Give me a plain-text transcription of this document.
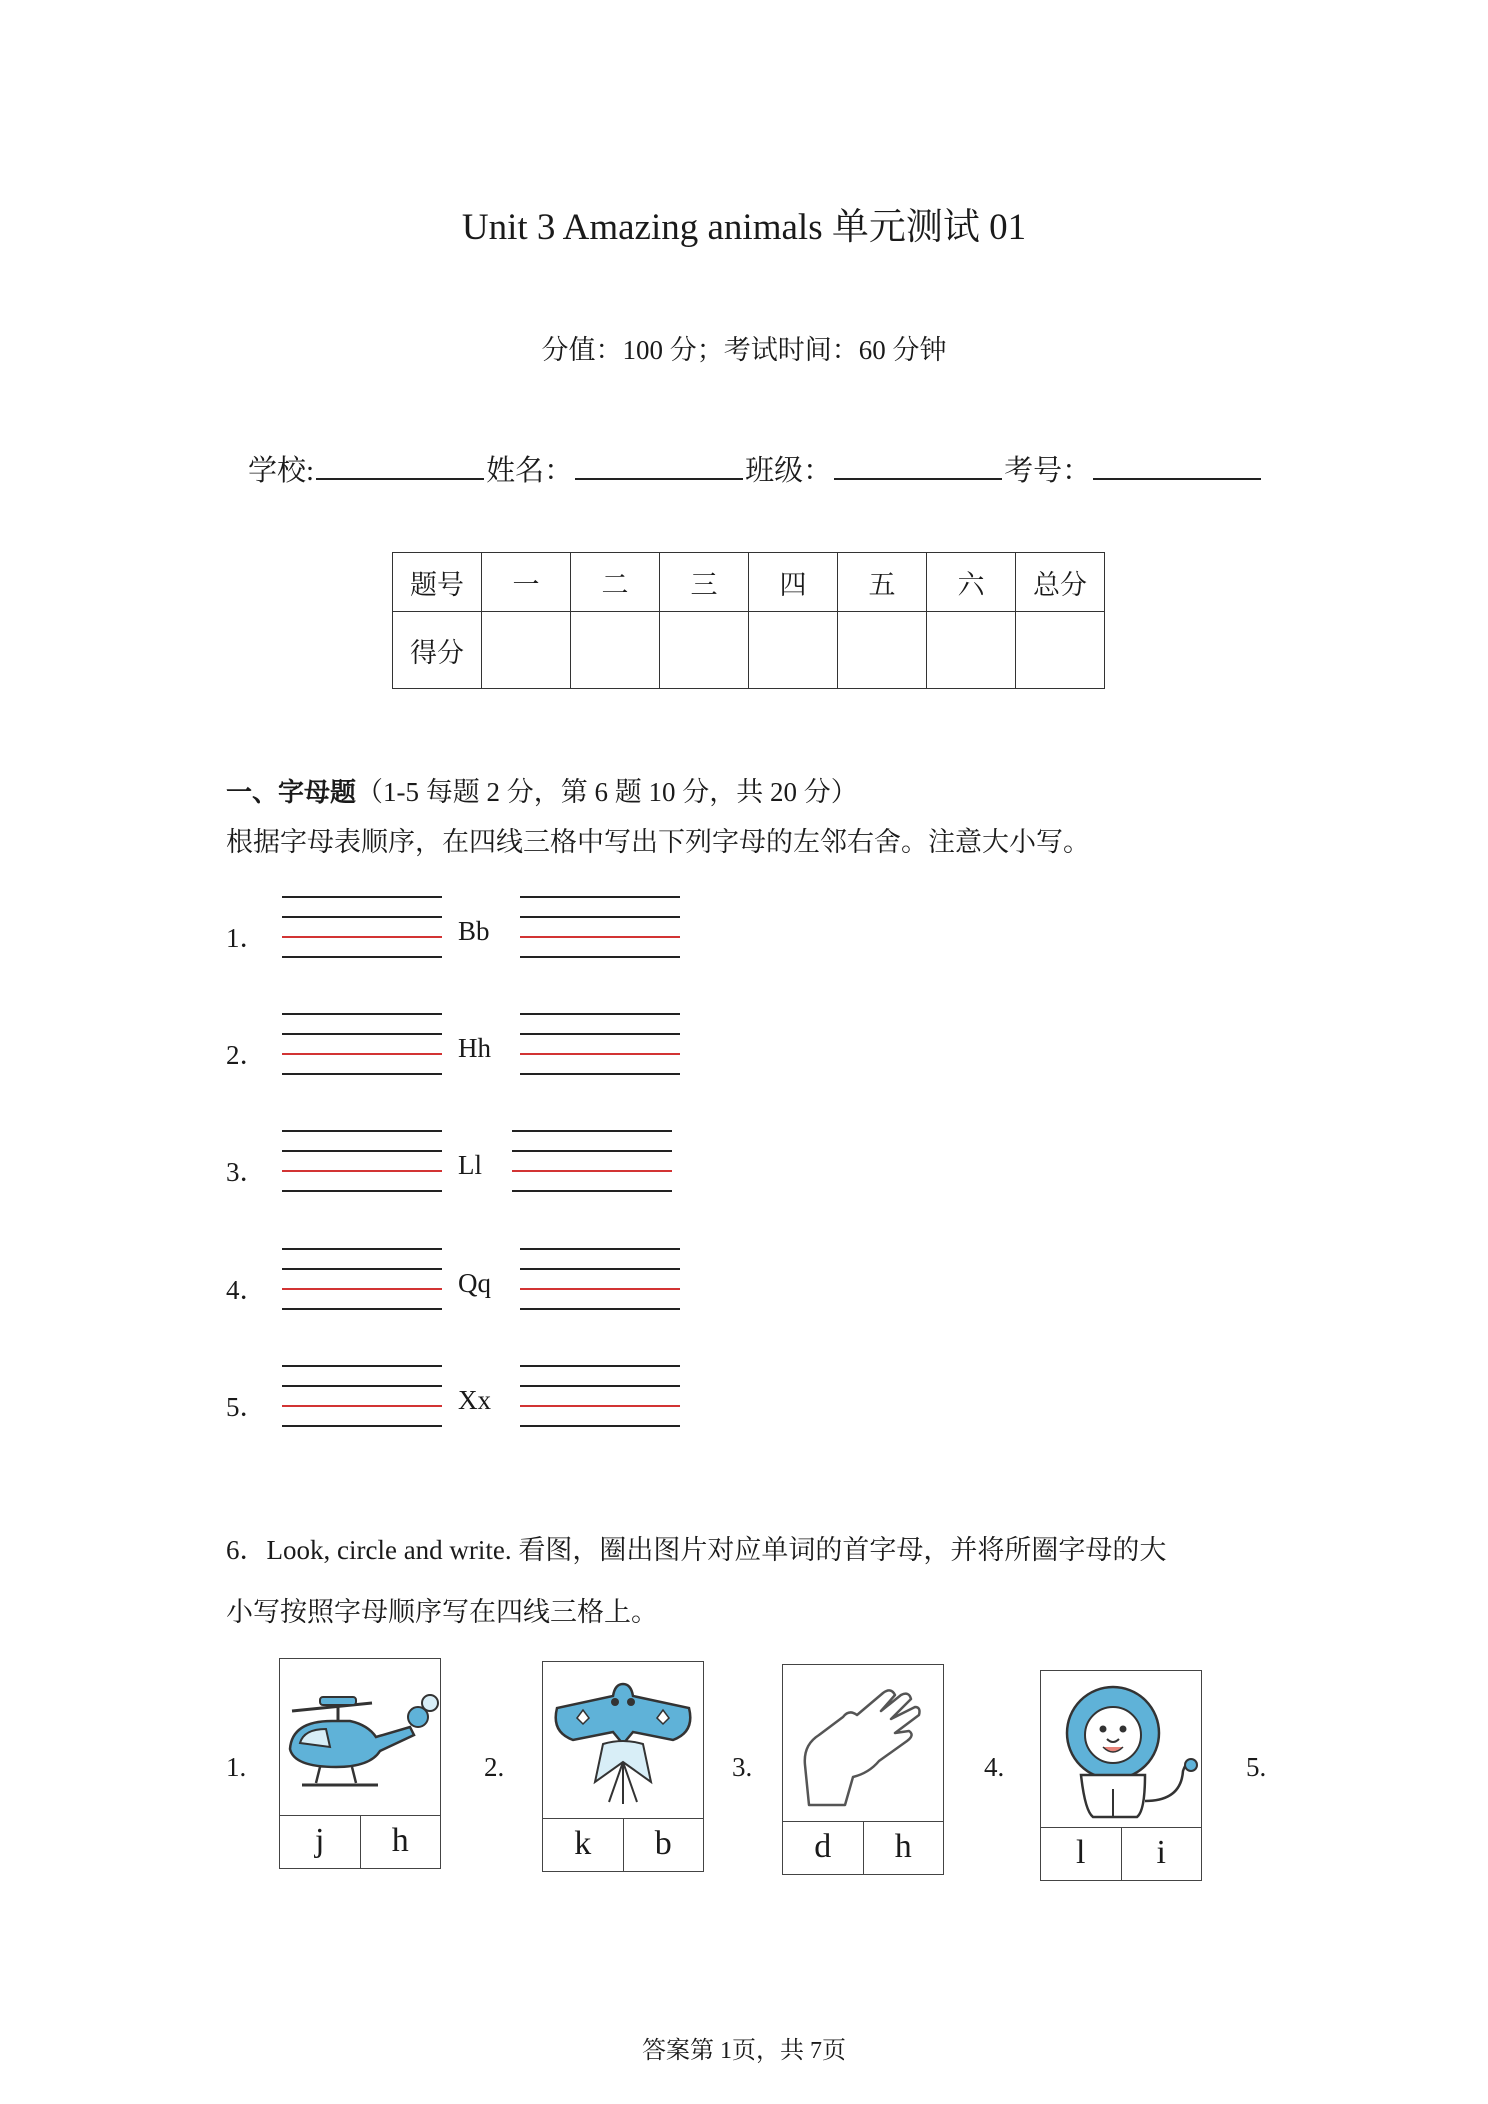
Unit 3 Amazing animals 单元测试 01
分值：100 分；考试时间：60 分钟
学校:	姓名：	班级：	考号：
题号	一	二	三	四	五	六	总分
得分							
一、字母题（1-5 每题 2 分，第 6 题 10 分，共 20 分）
根据字母表顺序，在四线三格中写出下列字母的左邻右舍。注意大小写。
1．	Bb
2．	Hh
3．	Ll
4．	Qq
5．	Xx
6．Look, circle and write. 看图，圈出图片对应单词的首字母，并将所圈字母的大
小写按照字母顺序写在四线三格上。
1.
j	h
2.
k	b
3.
d	h
4.
l	i
5.
答案第 1页，共 7页
